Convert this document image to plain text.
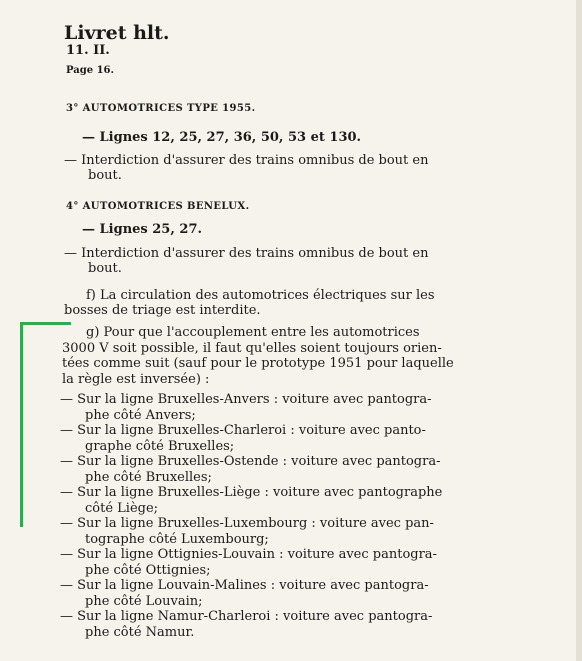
Livret hlt.
11. II.
Page 16.
3° AUTOMOTRICES TYPE 1955.
— Lignes 12, 25, 27, 36, 50, 53 et 130.
— Interdiction d'assurer des trains omnibus de bout en
bout.
4° AUTOMOTRICES BENELUX.
— Lignes 25, 27.
— Interdiction d'assurer des trains omnibus de bout en
bout.
f) La circulation des automotrices électriques sur les
bosses de triage est interdite.
g) Pour que l'accouplement entre les automotrices
3000 V soit possible, il faut qu'elles soient toujours orien-
tées comme suit (sauf pour le prototype 1951 pour laquelle
la règle est inversée) :
— Sur la ligne Bruxelles-Anvers : voiture avec pantogra-
phe côté Anvers;
— Sur la ligne Bruxelles-Charleroi : voiture avec panto-
graphe côté Bruxelles;
— Sur la ligne Bruxelles-Ostende : voiture avec pantogra-
phe côté Bruxelles;
— Sur la ligne Bruxelles-Liège : voiture avec pantographe
côté Liège;
— Sur la ligne Bruxelles-Luxembourg : voiture avec pan-
tographe côté Luxembourg;
— Sur la ligne Ottignies-Louvain : voiture avec pantogra-
phe côté Ottignies;
— Sur la ligne Louvain-Malines : voiture avec pantogra-
phe côté Louvain;
— Sur la ligne Namur-Charleroi : voiture avec pantogra-
phe côté Namur.
